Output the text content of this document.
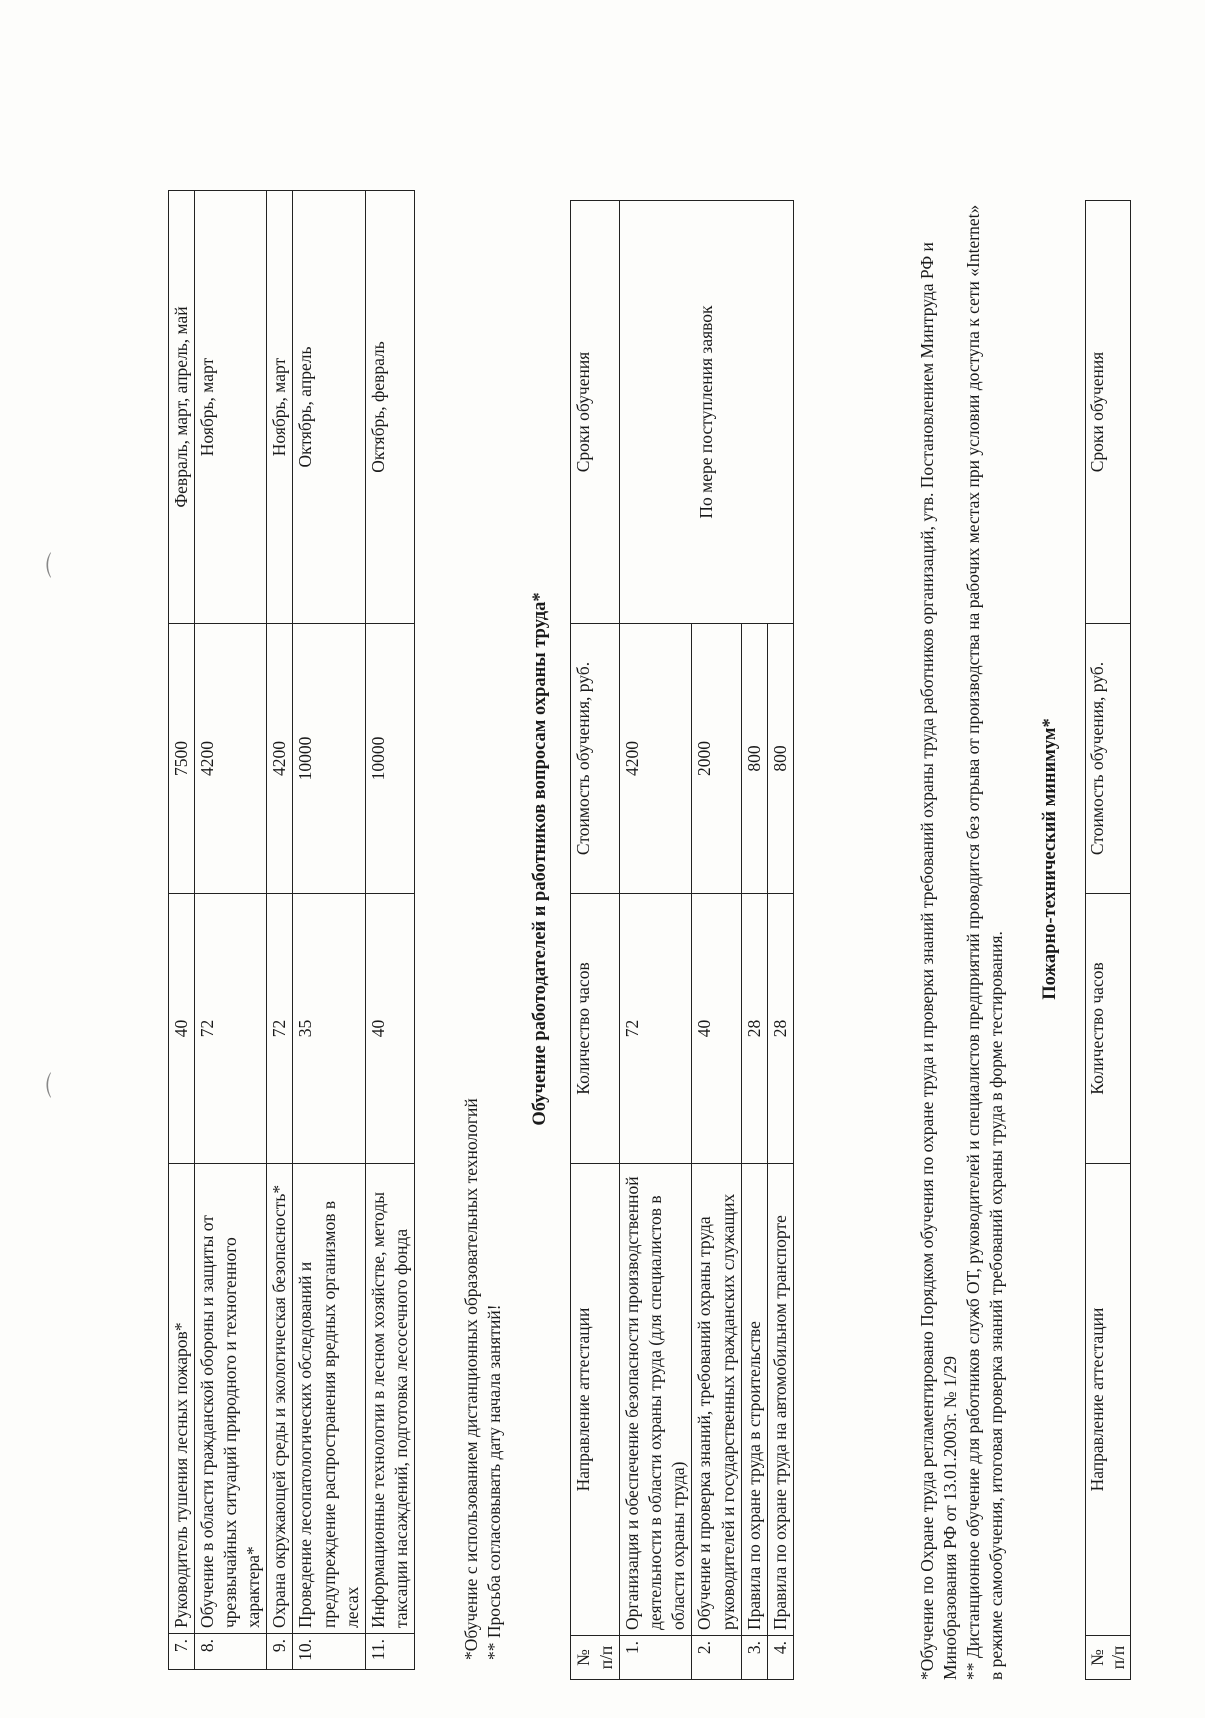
⌒
⌒
7.	Руководитель тушения лесных пожаров*	40	7500	Февраль, март, апрель, май
8.	Обучение в области гражданской обороны и защиты от чрезвычайных ситуаций природного и техногенного характера*	72	4200	Ноябрь, март
9.	Охрана окружающей среды и экологическая безопасность*	72	4200	Ноябрь, март
10.	Проведение лесопатологических обследований и предупреждение распространения вредных организмов в лесах	35	10000	Октябрь, апрель
11.	Информационные технологии в лесном хозяйстве, методы таксации насаждений, подготовка лесосечного фонда	40	10000	Октябрь, февраль
*Обучение с использованием дистанционных образовательных технологий ** Просьба согласовывать дату начала занятий!
Обучение работодателей и работников вопросам охраны труда*
№ п/п	Направление аттестации	Количество часов	Стоимость обучения, руб.	Сроки обучения
1.	Организация и обеспечение безопасности производственной деятельности в области охраны труда (для специалистов в области охраны труда)	72	4200	По мере поступления заявок
2.	Обучение и проверка знаний, требований охраны труда руководителей и государственных гражданских служащих	40	2000	
3.	Правила по охране труда в строительстве	28	800	
4.	Правила по охране труда на автомобильном транспорте	28	800		*Обучение по Охране труда регламентировано Порядком обучения по охране труда и проверки знаний требований охраны труда работников организаций, утв. Постановлением Минтруда РФ и Минобразования РФ от 13.01.2003г. № 1/29 ** Дистанционное обучение для работников служб ОТ, руководителей и специалистов предприятий проводится без отрыва от производства на рабочих местах при условии доступа к сети «Internet» в режиме самообучения, итоговая проверка знаний требований охраны труда в форме тестирования.
Пожарно-технический минимум*
№ п/п	Направление аттестации	Количество часов	Стоимость обучения, руб.	Сроки обучения
